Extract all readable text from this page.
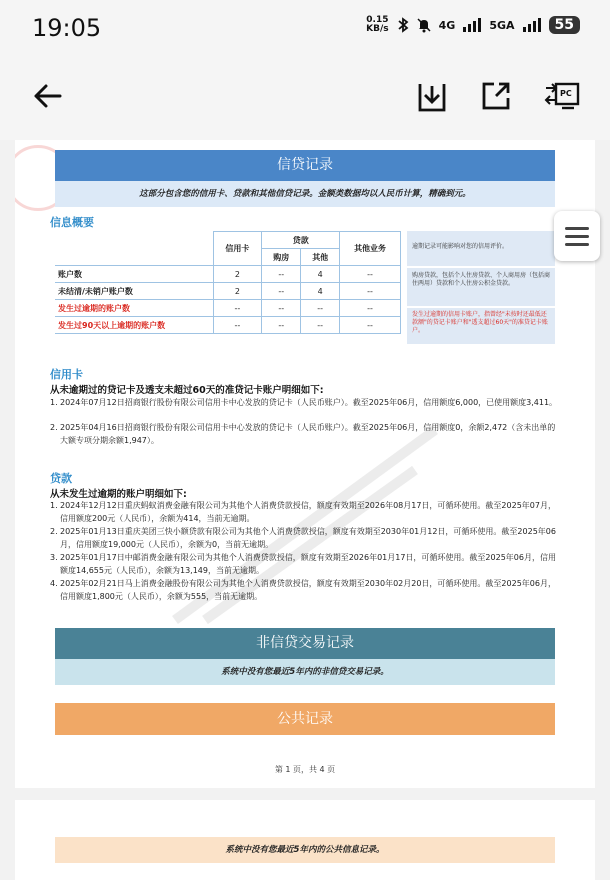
19:05	0.15
KB/s	4G	5GA	55
PC
信贷记录
这部分包含您的信用卡、贷款和其他信贷记录。金额类数据均以人民币计算，精确到元。
信息概要
	信用卡	贷款		其他业务
		购房	其他	
账户数	2	--	4	--
未结清/未销户账户数	2	--	4	--
发生过逾期的账户数	--	--	--	--
发生过90天以上逾期的账户数	--	--	--	--
逾期记录可能影响对您的信用评价。
购房贷款，包括个人住房贷款、个人商用房（包括商住两用）贷款和个人住房公积金贷款。
发生过逾期的信用卡账户，指曾经"未按时还最低还款额"的贷记卡账户和"透支超过60天"的准贷记卡账户。
信用卡
从未逾期过的贷记卡及透支未超过60天的准贷记卡账户明细如下:
1. 2024年07月12日招商银行股份有限公司信用卡中心发放的贷记卡（人民币账户）。截至2025年06月，信用额度6,000，已使用额度3,411。
2. 2025年04月16日招商银行股份有限公司信用卡中心发放的贷记卡（人民币账户）。截至2025年06月，信用额度0，余额2,472（含未出单的大额专项分期余额1,947）。
贷款
从未发生过逾期的账户明细如下:
1. 2024年12月12日重庆蚂蚁消费金融有限公司为其他个人消费贷款授信，额度有效期至2026年08月17日，可循环使用。截至2025年07月，信用额度200元（人民币），余额为414，当前无逾期。
2. 2025年01月13日重庆美团三快小额贷款有限公司为其他个人消费贷款授信，额度有效期至2030年01月12日，可循环使用。截至2025年06月，信用额度19,000元（人民币），余额为0，当前无逾期。
3. 2025年01月17日中邮消费金融有限公司为其他个人消费贷款授信，额度有效期至2026年01月17日，可循环使用。截至2025年06月，信用额度14,655元（人民币），余额为13,149，当前无逾期。
4. 2025年02月21日马上消费金融股份有限公司为其他个人消费贷款授信，额度有效期至2030年02月20日，可循环使用。截至2025年06月，信用额度1,800元（人民币），余额为555，当前无逾期。
非信贷交易记录
系统中没有您最近5年内的非信贷交易记录。
公共记录
第 1 页，共 4 页
系统中没有您最近5年内的公共信息记录。
